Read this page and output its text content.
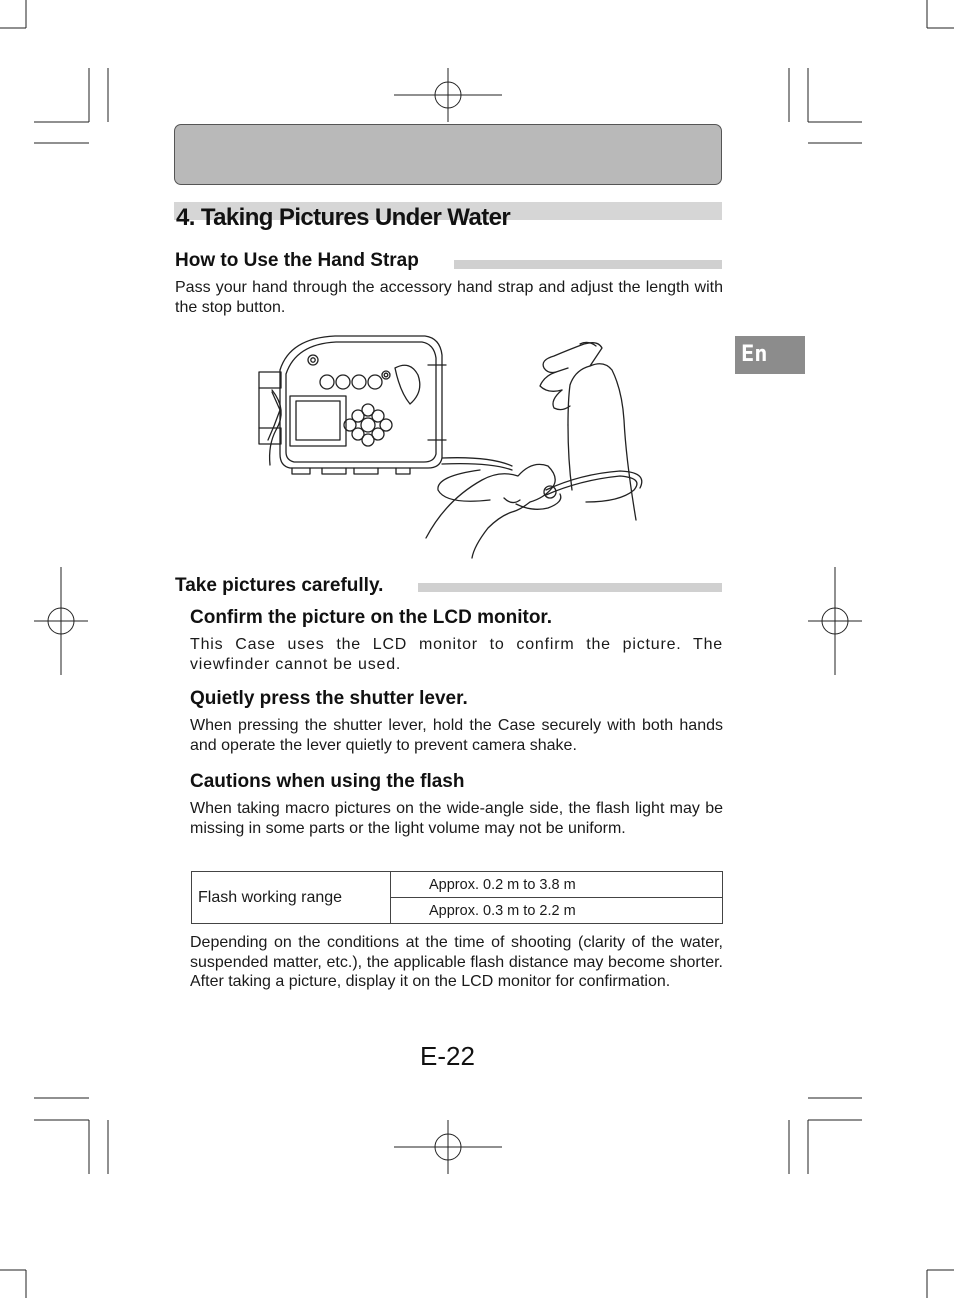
4. Taking Pictures Under Water
En
How to Use the Hand Strap
Pass your hand through the accessory hand strap and adjust the length with the stop button.
Take pictures carefully.
Confirm the picture on the LCD monitor.
This Case uses the LCD monitor to confirm the picture. The viewfinder cannot be used.
Quietly press the shutter lever.
When pressing the shutter lever, hold the Case securely with both hands and operate the lever quietly to prevent camera shake.
Cautions when using the flash
When taking macro pictures on the wide-angle side, the flash light may be missing in some parts or the light volume may not be uniform.
Flash working range	Approx. 0.2 m to 3.8 m
Approx. 0.3 m to 2.2 m
Depending on the conditions at the time of shooting (clarity of the water, suspended matter, etc.), the applicable flash distance may become shorter. After taking a picture, display it on the LCD monitor for confirmation.
E-22
